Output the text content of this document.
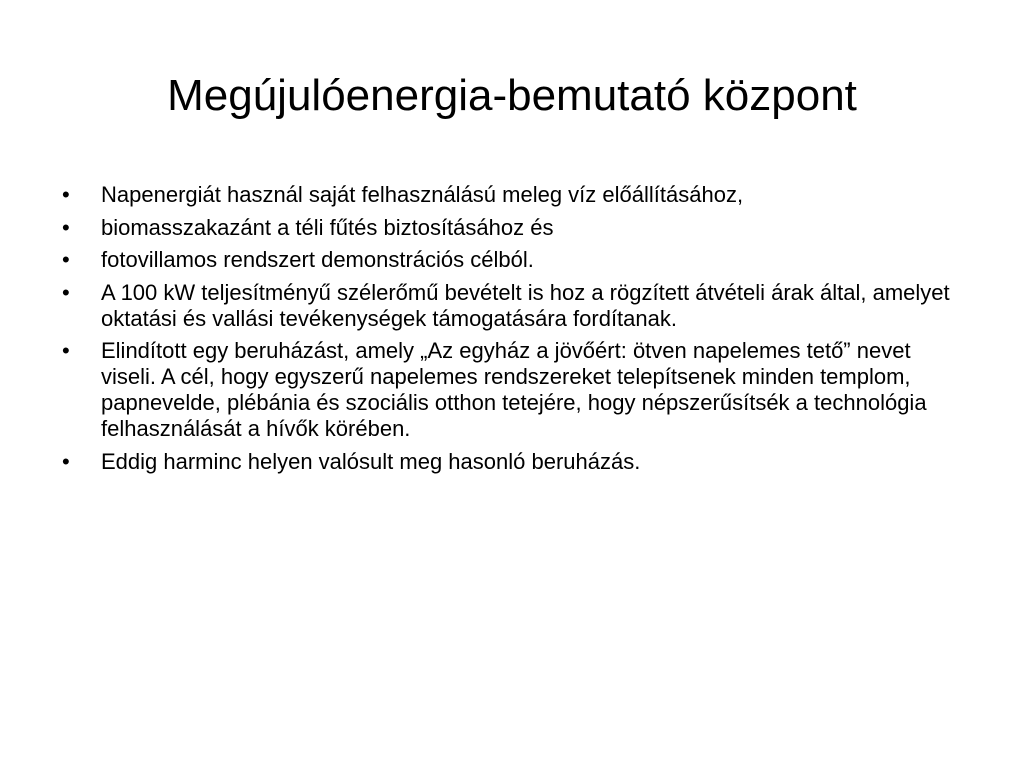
Megújulóenergia-bemutató központ
•	Napenergiát használ saját felhasználású meleg víz előállításához,
•	biomasszakazánt a téli fűtés biztosításához és
•	fotovillamos rendszert demonstrációs célból.
•	A 100 kW teljesítményű szélerőmű bevételt is hoz a rögzített átvételi árak által, amelyet oktatási és vallási tevékenységek támogatására fordítanak.
•	Elindított egy beruházást, amely „Az egyház a jövőért: ötven napelemes tető” nevet viseli. A cél, hogy egyszerű napelemes rendszereket telepítsenek minden templom, papnevelde, plébánia és szociális otthon tetejére, hogy népszerűsítsék a technológia felhasználását a hívők körében.
•	Eddig harminc helyen valósult meg hasonló beruházás.
